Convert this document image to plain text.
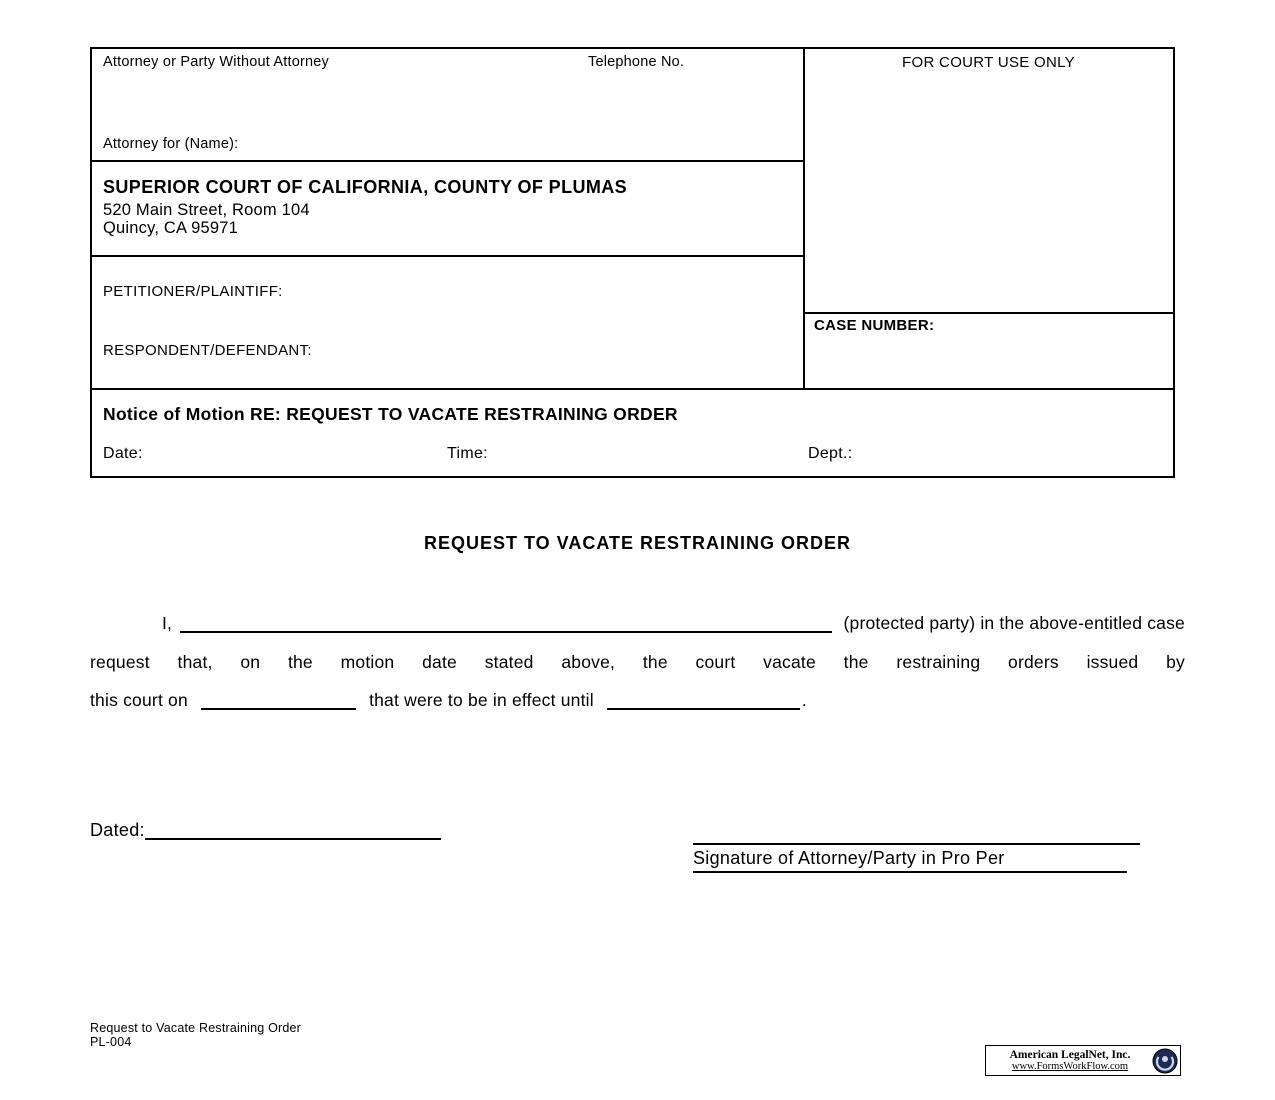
Attorney or Party Without Attorney	Telephone No.	FOR COURT USE ONLY
Attorney for (Name):
SUPERIOR COURT OF CALIFORNIA, COUNTY OF PLUMAS
520 Main Street, Room 104
Quincy, CA 95971
PETITIONER/PLAINTIFF:
RESPONDENT/DEFENDANT:
CASE NUMBER:
Notice of Motion RE: REQUEST TO VACATE RESTRAINING ORDER
Date:	Time:	Dept.:
REQUEST TO VACATE RESTRAINING ORDER
I,	(protected party) in the above-entitled case
request that, on the motion date stated above, the court vacate the restraining orders issued by
this court on	that were to be in effect until	.
Dated:
Signature of Attorney/Party in Pro Per
Request to Vacate Restraining Order
PL-004
American LegalNet, Inc.
www.FormsWorkFlow.com
